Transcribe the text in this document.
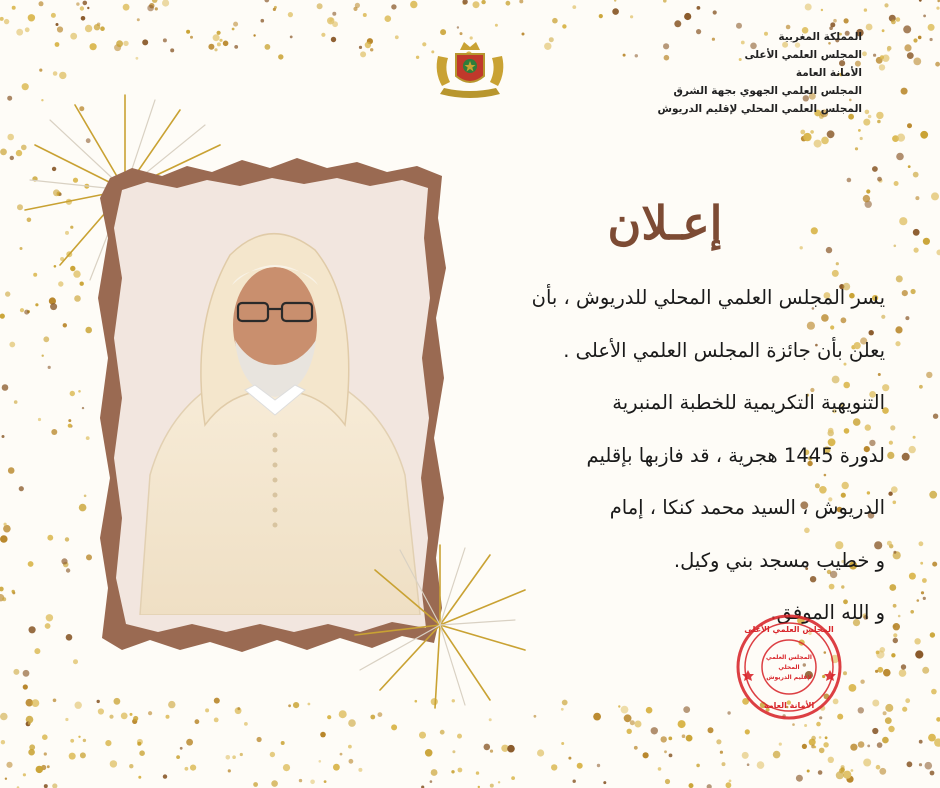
المملكة المغربية
المجلس العلمي الأعلى
الأمانة العامة
المجلس العلمي الجهوي بجهة الشرق
المجلس العلمي المحلي لإقليم الدريوش
إعـلان
يسر المجلس العلمي المحلي للدريوش ، بأن
يعلن بأن جائزة المجلس العلمي الأعلى .
التنويهية التكريمية للخطبة المنبرية
لدورة 1445 هجرية ، قد فازبها بإقليم
الدريوش ، السيد محمد كنكا ، إمام
و خطيب مسجد بني وكيل.
و الله الموفق.
المجلس العلمي الأعلى
المجلس العلمي
المحلي
لإقليم الدريوش
الأمانة العامة
